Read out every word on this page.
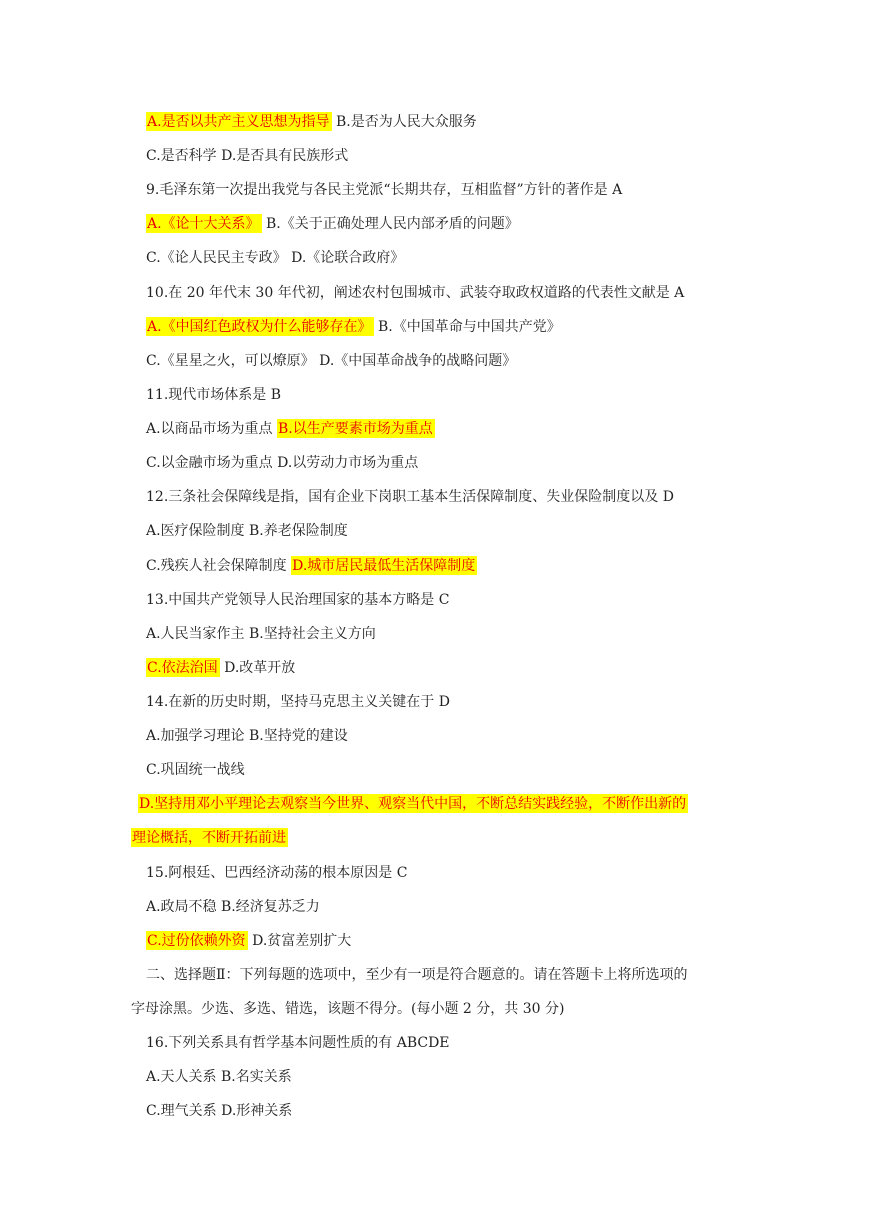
A.是否以共产主义思想为指导 B.是否为人民大众服务
C.是否科学 D.是否具有民族形式
9.毛泽东第一次提出我党与各民主党派“长期共存，互相监督”方针的著作是 A
A.《论十大关系》 B.《关于正确处理人民内部矛盾的问题》
C.《论人民民主专政》 D.《论联合政府》
10.在 20 年代末 30 年代初，阐述农村包围城市、武装夺取政权道路的代表性文献是 A
A.《中国红色政权为什么能够存在》 B.《中国革命与中国共产党》
C.《星星之火，可以燎原》 D.《中国革命战争的战略问题》
11.现代市场体系是 B
A.以商品市场为重点 B.以生产要素市场为重点
C.以金融市场为重点 D.以劳动力市场为重点
12.三条社会保障线是指，国有企业下岗职工基本生活保障制度、失业保险制度以及 D
A.医疗保险制度 B.养老保险制度
C.残疾人社会保障制度 D.城市居民最低生活保障制度
13.中国共产党领导人民治理国家的基本方略是 C
A.人民当家作主 B.坚持社会主义方向
C.依法治国 D.改革开放
14.在新的历史时期，坚持马克思主义关键在于 D
A.加强学习理论 B.坚持党的建设
C.巩固统一战线
D.坚持用邓小平理论去观察当今世界、观察当代中国，不断总结实践经验，不断作出新的
理论概括，不断开拓前进
15.阿根廷、巴西经济动荡的根本原因是 C
A.政局不稳 B.经济复苏乏力
C.过份依赖外资 D.贫富差别扩大
二、选择题Ⅱ：下列每题的选项中，至少有一项是符合题意的。请在答题卡上将所选项的
字母涂黑。少选、多选、错选，该题不得分。(每小题 2 分，共 30 分)
16.下列关系具有哲学基本问题性质的有 ABCDE
A.天人关系 B.名实关系
C.理气关系 D.形神关系
